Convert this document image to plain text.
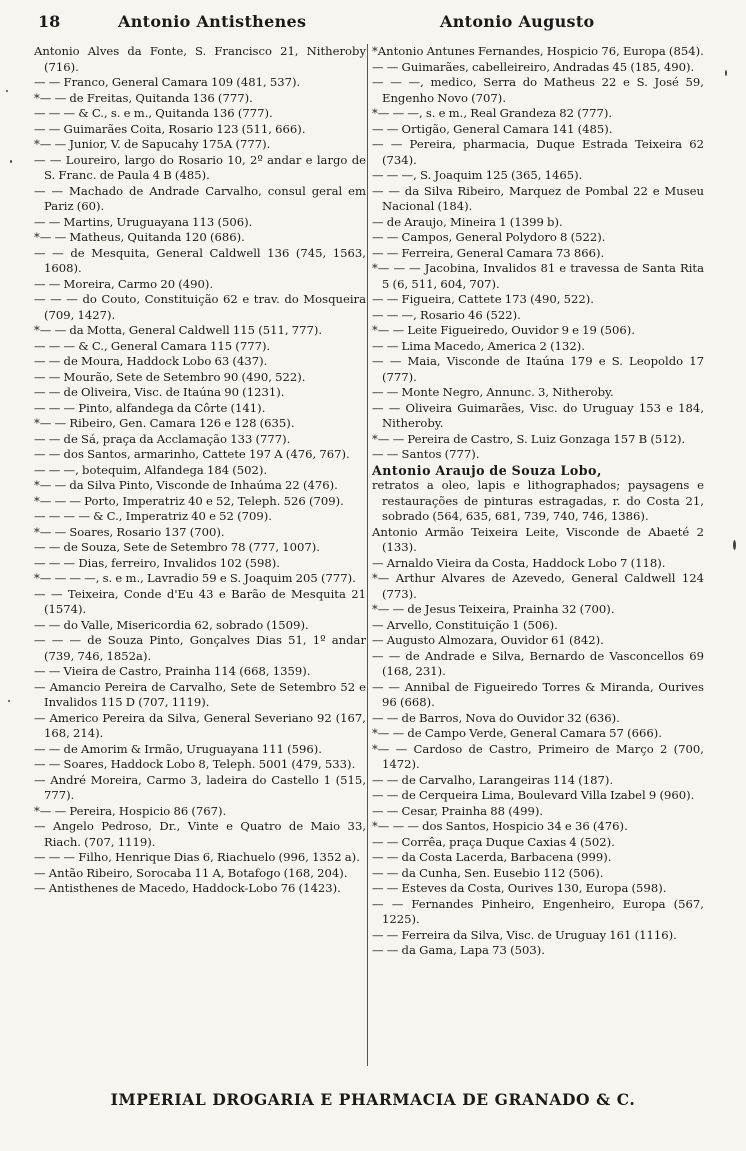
18	Antonio Antisthenes	Antonio Augusto

Antonio Alves da Fonte, S. Francisco 21, Nitheroby (716).

— — Franco, General Camara 109 (481, 537).

*— — de Freitas, Quitanda 136 (777).

— — — & C., s. e m., Quitanda 136 (777).

— — Guimarães Coita, Rosario 123 (511, 666).

*— — Junior, V. de Sapucahy 175A (777).

— — Loureiro, largo do Rosario 10, 2º andar e largo de S. Franc. de Paula 4 B (485).

— — Machado de Andrade Carvalho, consul geral em Pariz (60).

— — Martins, Uruguayana 113 (506).

*— — Matheus, Quitanda 120 (686).

— — de Mesquita, General Caldwell 136 (745, 1563, 1608).

— — Moreira, Carmo 20 (490).

— — — do Couto, Constituição 62 e trav. do Mosqueira (709, 1427).

*— — da Motta, General Caldwell 115 (511, 777).

— — — & C., General Camara 115 (777).

— — de Moura, Haddock Lobo 63 (437).

— — Mourão, Sete de Setembro 90 (490, 522).

— — de Oliveira, Visc. de Itaúna 90 (1231).

— — — Pinto, alfandega da Côrte (141).

*— — Ribeiro, Gen. Camara 126 e 128 (635).

— — de Sá, praça da Acclamação 133 (777).

— — dos Santos, armarinho, Cattete 197 A (476, 767).

— — —, botequim, Alfandega 184 (502).

*— — da Silva Pinto, Visconde de Inhaúma 22 (476).

*— — — Porto, Imperatriz 40 e 52, Teleph. 526 (709).

— — — — & C., Imperatriz 40 e 52 (709).

*— — Soares, Rosario 137 (700).

— — de Souza, Sete de Setembro 78 (777, 1007).

— — — Dias, ferreiro, Invalidos 102 (598).

*— — — —, s. e m., Lavradio 59 e S. Joaquim 205 (777).

— — Teixeira, Conde d'Eu 43 e Barão de Mesquita 21 (1574).

— — do Valle, Misericordia 62, sobrado (1509).

— — — de Souza Pinto, Gonçalves Dias 51, 1º andar (739, 746, 1852a).

— — Vieira de Castro, Prainha 114 (668, 1359).

— Amancio Pereira de Carvalho, Sete de Setembro 52 e Invalidos 115 D (707, 1119).

— Americo Pereira da Silva, General Severiano 92 (167, 168, 214).

— — de Amorim & Irmão, Uruguayana 111 (596).

— — Soares, Haddock Lobo 8, Teleph. 5001 (479, 533).

— André Moreira, Carmo 3, ladeira do Castello 1 (515, 777).

*— — Pereira, Hospicio 86 (767).

— Angelo Pedroso, Dr., Vinte e Quatro de Maio 33, Riach. (707, 1119).

— — — Filho, Henrique Dias 6, Riachuelo (996, 1352 a).

— Antão Ribeiro, Sorocaba 11 A, Botafogo (168, 204).

— Antisthenes de Macedo, Haddock-Lobo 76 (1423).

*Antonio Antunes Fernandes, Hospicio 76, Europa (854).

— — Guimarães, cabelleireiro, Andradas 45 (185, 490).

— — —, medico, Serra do Matheus 22 e S. José 59, Engenho Novo (707).

*— — —, s. e m., Real Grandeza 82 (777).

— — Ortigão, General Camara 141 (485).

— — Pereira, pharmacia, Duque Estrada Teixeira 62 (734).

— — —, S. Joaquim 125 (365, 1465).

— — da Silva Ribeiro, Marquez de Pombal 22 e Museu Nacional (184).

— de Araujo, Mineira 1 (1399 b).

— — Campos, General Polydoro 8 (522).

— — Ferreira, General Camara 73 866).

*— — — Jacobina, Invalidos 81 e travessa de Santa Rita 5 (6, 511, 604, 707).

— — Figueira, Cattete 173 (490, 522).

— — —, Rosario 46 (522).

*— — Leite Figueiredo, Ouvidor 9 e 19 (506).

— — Lima Macedo, America 2 (132).

— — Maia, Visconde de Itaúna 179 e S. Leopoldo 17 (777).

— — Monte Negro, Annunc. 3, Nitheroby.

— — Oliveira Guimarães, Visc. do Uruguay 153 e 184, Nitheroby.

*— — Pereira de Castro, S. Luiz Gonzaga 157 B (512).

— — Santos (777).

Antonio Araujo de Souza Lobo,

retratos a oleo, lapis e lithographados; paysagens e restaurações de pinturas estragadas, r. do Costa 21, sobrado (564, 635, 681, 739, 740, 746, 1386).

Antonio Armão Teixeira Leite, Visconde de Abaeté 2 (133).

— Arnaldo Vieira da Costa, Haddock Lobo 7 (118).

*— Arthur Alvares de Azevedo, General Caldwell 124 (773).

*— — de Jesus Teixeira, Prainha 32 (700).

— Arvello, Constituição 1 (506).

— Augusto Almozara, Ouvidor 61 (842).

— — de Andrade e Silva, Bernardo de Vasconcellos 69 (168, 231).

— — Annibal de Figueiredo Torres & Miranda, Ourives 96 (668).

— — de Barros, Nova do Ouvidor 32 (636).

*— — de Campo Verde, General Camara 57 (666).

*— — Cardoso de Castro, Primeiro de Março 2 (700, 1472).

— — de Carvalho, Larangeiras 114 (187).

— — de Cerqueira Lima, Boulevard Villa Izabel 9 (960).

— — Cesar, Prainha 88 (499).

*— — — dos Santos, Hospicio 34 e 36 (476).

— — Corrêa, praça Duque Caxias 4 (502).

— — da Costa Lacerda, Barbacena (999).

— — da Cunha, Sen. Eusebio 112 (506).

— — Esteves da Costa, Ourives 130, Europa (598).

— — Fernandes Pinheiro, Engenheiro, Europa (567, 1225).

— — Ferreira da Silva, Visc. de Uruguay 161 (1116).

— — da Gama, Lapa 73 (503).

IMPERIAL DROGARIA E PHARMACIA DE GRANADO & C.
